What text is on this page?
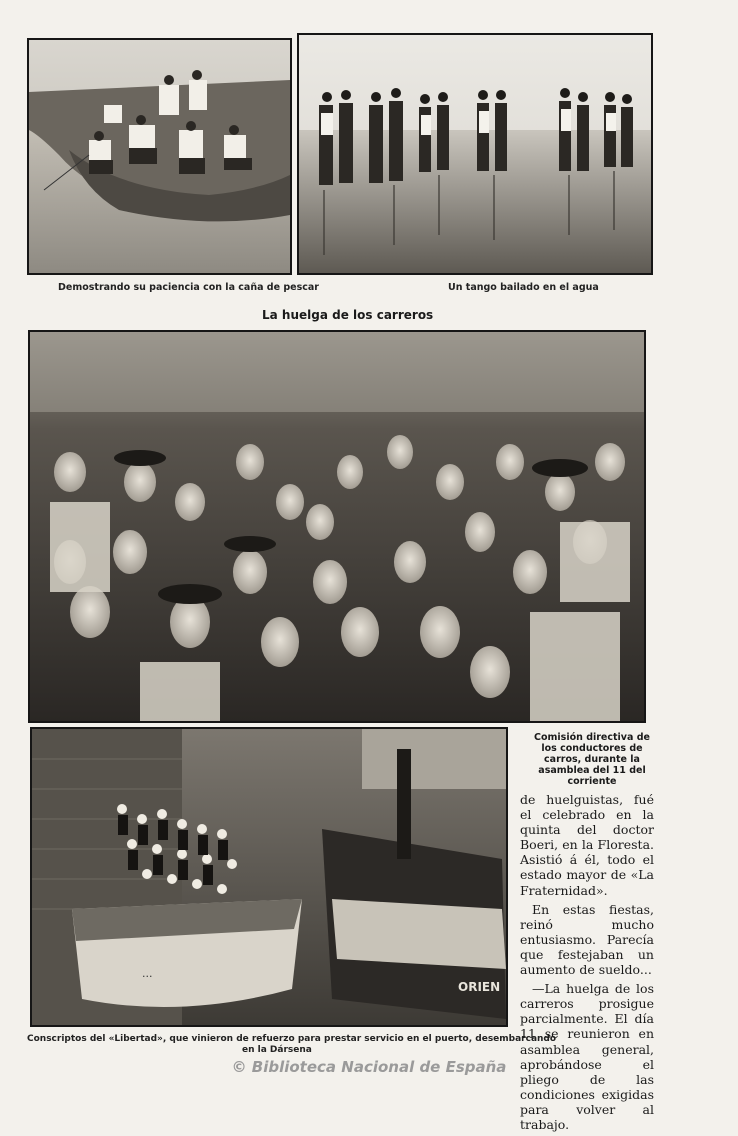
Demostrando su paciencia con la caña de pescar	Un tango bailado en el agua
La huelga de los carreros
Comisión directiva de los conductores de carros, durante la asamblea del 11 del corriente
...
ORIEN
Conscriptos del «Libertad», que vinieron de refuerzo para prestar servicio en el puerto, desembarcando
en la Dársena

de huelguistas, fué el celebrado en la quinta del doctor Boeri, en la Floresta. Asistió á él, todo el estado mayor de «La Fraternidad».

En estas fiestas, reinó mucho entusiasmo. Parecía que festejaban un aumento de sueldo...

—La huelga de los carreros prosigue parcialmente. El día 11 se reunieron en asamblea general, aprobándose el pliego de las condiciones exigidas para volver al trabajo.

© Biblioteca Nacional de España
